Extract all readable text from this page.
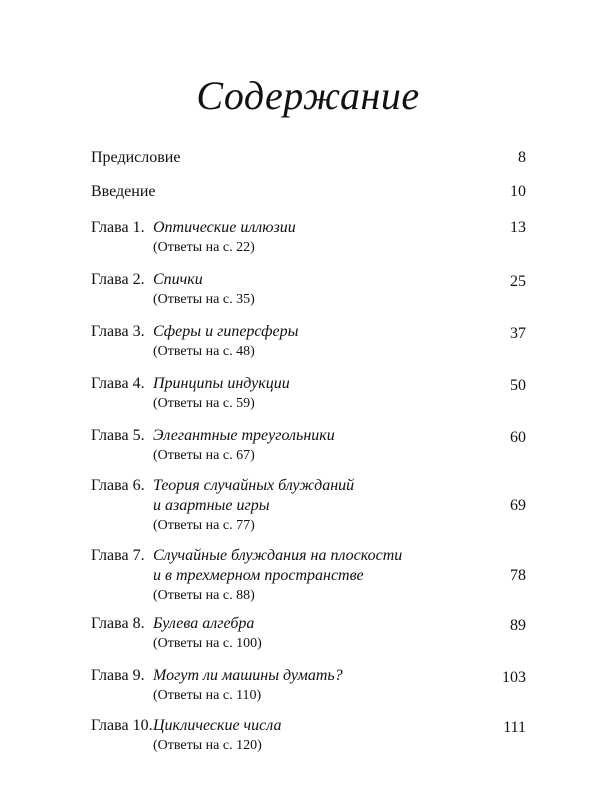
Содержание
Предисловие	8
Введение	10
Глава 1. Оптические иллюзии
(Ответы на с. 22)
13
Глава 2. Спички
(Ответы на с. 35)
25
Глава 3. Сферы и гиперсферы
(Ответы на с. 48)
37
Глава 4. Принципы индукции
(Ответы на с. 59)
50
Глава 5. Элегантные треугольники
(Ответы на с. 67)
60
Глава 6. Теория случайных блужданий
и азартные игры
(Ответы на с. 77)
69
Глава 7. Случайные блуждания на плоскости
и в трехмерном пространстве
(Ответы на с. 88)
78
Глава 8. Булева алгебра
(Ответы на с. 100)
89
Глава 9. Могут ли машины думать?
(Ответы на с. 110)
103
Глава 10. Циклические числа
(Ответы на с. 120)
111
